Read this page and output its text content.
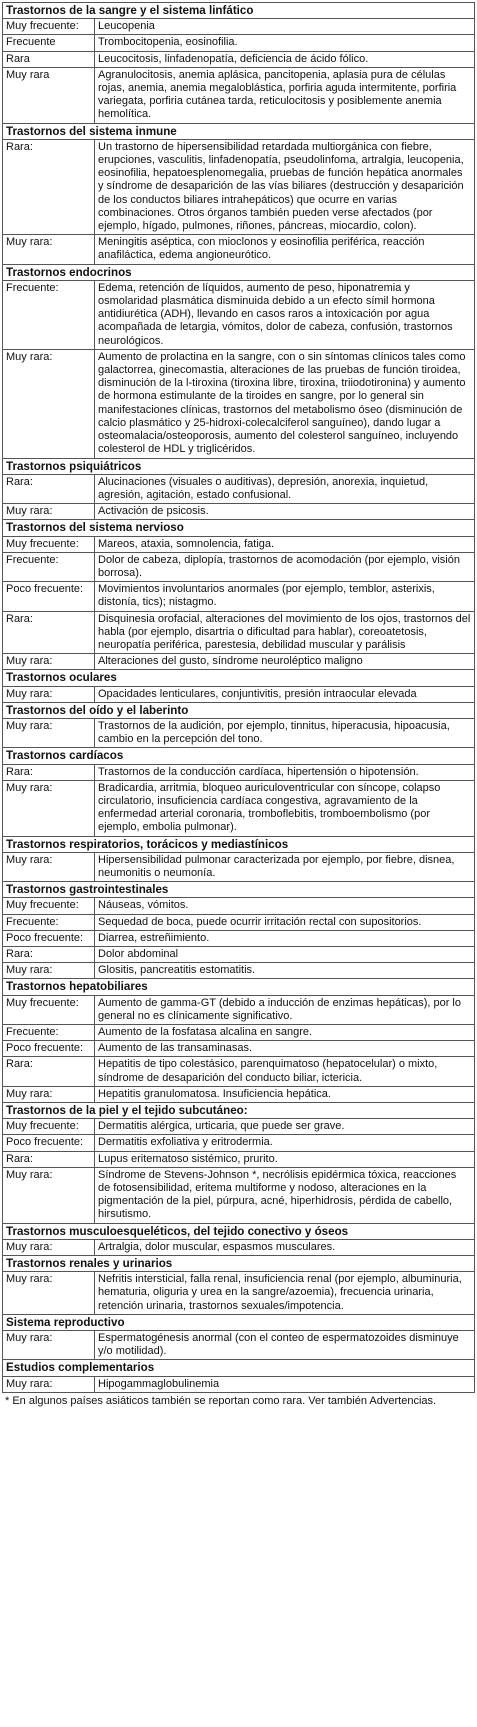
Trastornos de la sangre y el sistema linfático	
Muy frecuente:	Leucopenia
Frecuente	Trombocitopenia, eosinofilia.
Rara	Leucocitosis, linfadenopatía, deficiencia de ácido fólico.
Muy rara	Agranulocitosis, anemia aplásica, pancitopenia, aplasia pura de células rojas, anemia, anemia megaloblástica, porfiria aguda intermitente, porfiria variegata, porfiria cutánea tarda, reticulocitosis y posiblemente anemia hemolítica.
Trastornos del sistema inmune	
Rara:	Un trastorno de hipersensibilidad retardada multiorgánica con fiebre, erupciones, vasculitis, linfadenopatía, pseudolinfoma, artralgia, leucopenia, eosinofilia, hepatoesplenomegalia, pruebas de función hepática anormales y síndrome de desaparición de las vías biliares (destrucción y desaparición de los conductos biliares intrahepáticos) que ocurre en varias combinaciones. Otros órganos también pueden verse afectados (por ejemplo, hígado, pulmones, riñones, páncreas, miocardio, colon).
Muy rara:	Meningitis aséptica, con mioclonos y eosinofilia periférica, reacción anafiláctica, edema angioneurótico.
Trastornos endocrinos	
Frecuente:	Edema, retención de líquidos, aumento de peso, hiponatremia y osmolaridad plasmática disminuida debido a un efecto símil hormona antidiurética (ADH), llevando en casos raros a intoxicación por agua acompañada de letargia, vómitos, dolor de cabeza, confusión, trastornos neurológicos.
Muy rara:	Aumento de prolactina en la sangre, con o sin síntomas clínicos tales como galactorrea, ginecomastia, alteraciones de las pruebas de función tiroidea, disminución de la l-tiroxina (tiroxina libre, tiroxina, triiodotironina) y aumento de hormona estimulante de la tiroides en sangre, por lo general sin manifestaciones clínicas, trastornos del metabolismo óseo (disminución de calcio plasmático y 25-hidroxi-colecalciferol sanguíneo), dando lugar a osteomalacia/osteoporosis, aumento del colesterol sanguíneo, incluyendo colesterol de HDL y triglicéridos.
Trastornos psiquiátricos	
Rara:	Alucinaciones (visuales o auditivas), depresión, anorexia, inquietud, agresión, agitación, estado confusional.
Muy rara:	Activación de psicosis.
Trastornos del sistema nervioso	
Muy frecuente:	Mareos, ataxia, somnolencia, fatiga.
Frecuente:	Dolor de cabeza, diplopía, trastornos de acomodación (por ejemplo, visión borrosa).
Poco frecuente:	Movimientos involuntarios anormales (por ejemplo, temblor, asterixis, distonía, tics); nistagmo.
Rara:	Disquinesia orofacial, alteraciones del movimiento de los ojos, trastornos del habla (por ejemplo, disartria o dificultad para hablar), coreoatetosis, neuropatía periférica, parestesia, debilidad muscular y parálisis
Muy rara:	Alteraciones del gusto, síndrome neuroléptico maligno
Trastornos oculares	
Muy rara:	Opacidades lenticulares, conjuntivitis, presión intraocular elevada
Trastornos del oído y el laberinto	
Muy rara:	Trastornos de la audición, por ejemplo, tinnitus, hiperacusia, hipoacusia, cambio en la percepción del tono.
Trastornos cardíacos	
Rara:	Trastornos de la conducción cardíaca, hipertensión o hipotensión.
Muy rara:	Bradicardia, arritmia, bloqueo auriculoventricular con síncope, colapso circulatorio, insuficiencia cardíaca congestiva, agravamiento de la enfermedad arterial coronaria, tromboflebitis, tromboembolismo (por ejemplo, embolia pulmonar).
Trastornos respiratorios, torácicos y mediastínicos	
Muy rara:	Hipersensibilidad pulmonar caracterizada por ejemplo, por fiebre, disnea, neumonitis o neumonía.
Trastornos gastrointestinales	
Muy frecuente:	Náuseas, vómitos.
Frecuente:	Sequedad de boca, puede ocurrir irritación rectal con supositorios.
Poco frecuente:	Diarrea, estreñimiento.
Rara:	Dolor abdominal
Muy rara:	Glositis, pancreatitis estomatitis.
Trastornos hepatobiliares	
Muy frecuente:	Aumento de gamma-GT (debido a inducción de enzimas hepáticas), por lo general no es clínicamente significativo.
Frecuente:	Aumento de la fosfatasa alcalina en sangre.
Poco frecuente:	Aumento de las transaminasas.
Rara:	Hepatitis de tipo colestásico, parenquimatoso (hepatocelular) o mixto, síndrome de desaparición del conducto biliar, ictericia.
Muy rara:	Hepatitis granulomatosa. Insuficiencia hepática.
Trastornos de la piel y el tejido subcutáneo:	
Muy frecuente:	Dermatitis alérgica, urticaria, que puede ser grave.
Poco frecuente:	Dermatitis exfoliativa y eritrodermia.
Rara:	Lupus eritematoso sistémico, prurito.
Muy rara:	Síndrome de Stevens-Johnson *, necrólisis epidérmica tóxica, reacciones de fotosensibilidad, eritema multiforme y nodoso, alteraciones en la pigmentación de la piel, púrpura, acné, hiperhidrosis, pérdida de cabello, hirsutismo.
Trastornos musculoesqueléticos, del tejido conectivo y óseos	
Muy rara:	Artralgia, dolor muscular, espasmos musculares.
Trastornos renales y urinarios	
Muy rara:	Nefritis intersticial, falla renal, insuficiencia renal (por ejemplo, albuminuria, hematuria, oliguria y urea en la sangre/azoemia), frecuencia urinaria, retención urinaria, trastornos sexuales/impotencia.
Sistema reproductivo	
Muy rara:	Espermatogénesis anormal (con el conteo de espermatozoides disminuye y/o motilidad).
Estudios complementarios	
Muy rara:	Hipogammaglobulinemia
* En algunos países asiáticos también se reportan como rara. Ver también Advertencias.
